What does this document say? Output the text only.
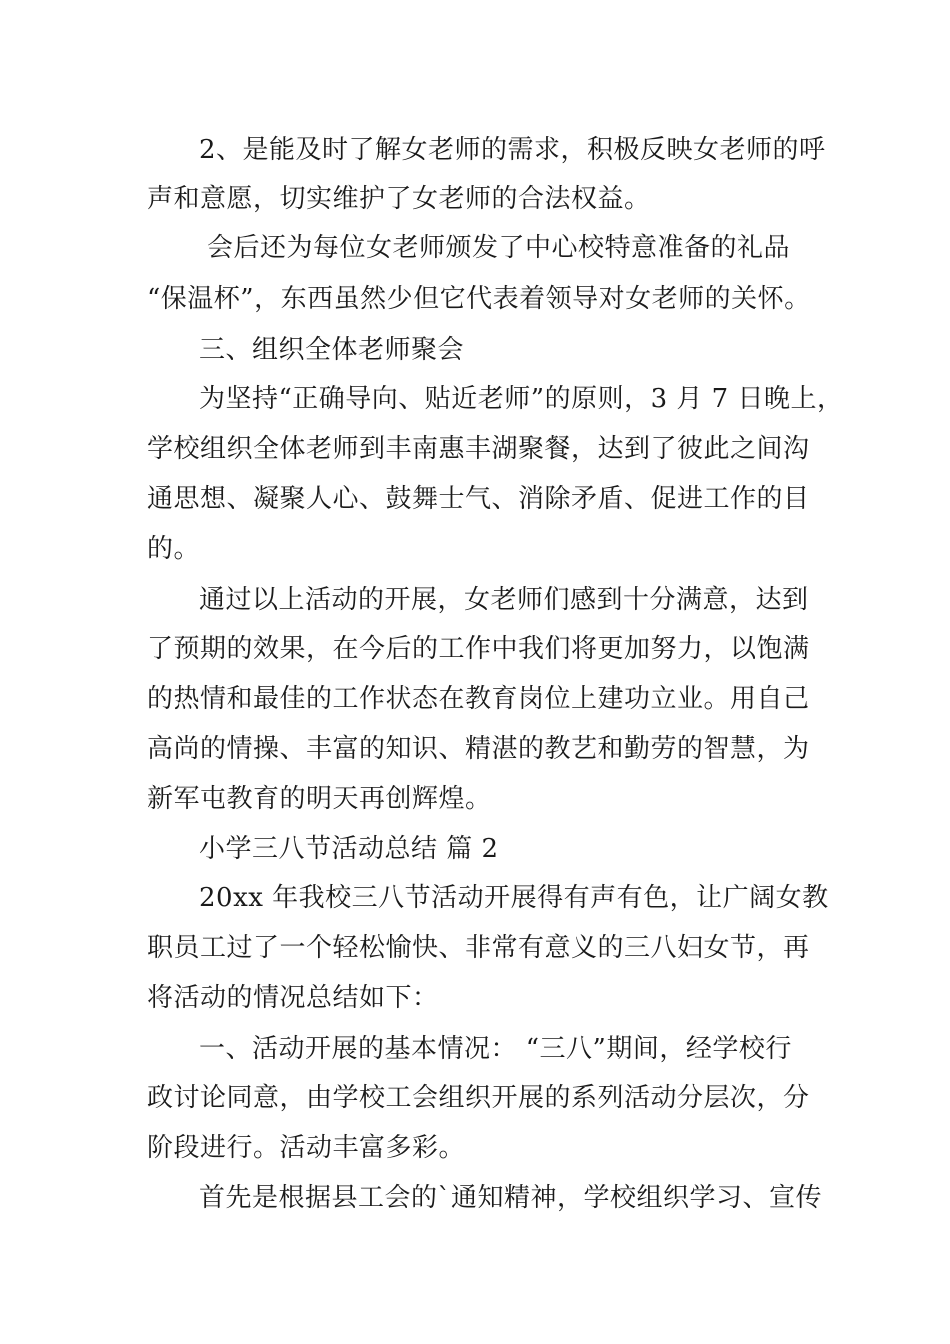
2、是能及时了解女老师的需求，积极反映女老师的呼
声和意愿，切实维护了女老师的合法权益。
会后还为每位女老师颁发了中心校特意准备的礼品
“保温杯”，东西虽然少但它代表着领导对女老师的关怀。
三、组织全体老师聚会
为坚持“正确导向、贴近老师”的原则，3 月 7 日晚上，
学校组织全体老师到丰南惠丰湖聚餐，达到了彼此之间沟
通思想、凝聚人心、鼓舞士气、消除矛盾、促进工作的目
的。
通过以上活动的开展，女老师们感到十分满意，达到
了预期的效果，在今后的工作中我们将更加努力，以饱满
的热情和最佳的工作状态在教育岗位上建功立业。用自己
高尚的情操、丰富的知识、精湛的教艺和勤劳的智慧，为
新军屯教育的明天再创辉煌。
小学三八节活动总结 篇 2
20xx 年我校三八节活动开展得有声有色，让广阔女教
职员工过了一个轻松愉快、非常有意义的三八妇女节，再
将活动的情况总结如下：
一、活动开展的基本情况： “三八”期间，经学校行
政讨论同意，由学校工会组织开展的系列活动分层次，分
阶段进行。活动丰富多彩。
首先是根据县工会的`通知精神，学校组织学习、宣传
